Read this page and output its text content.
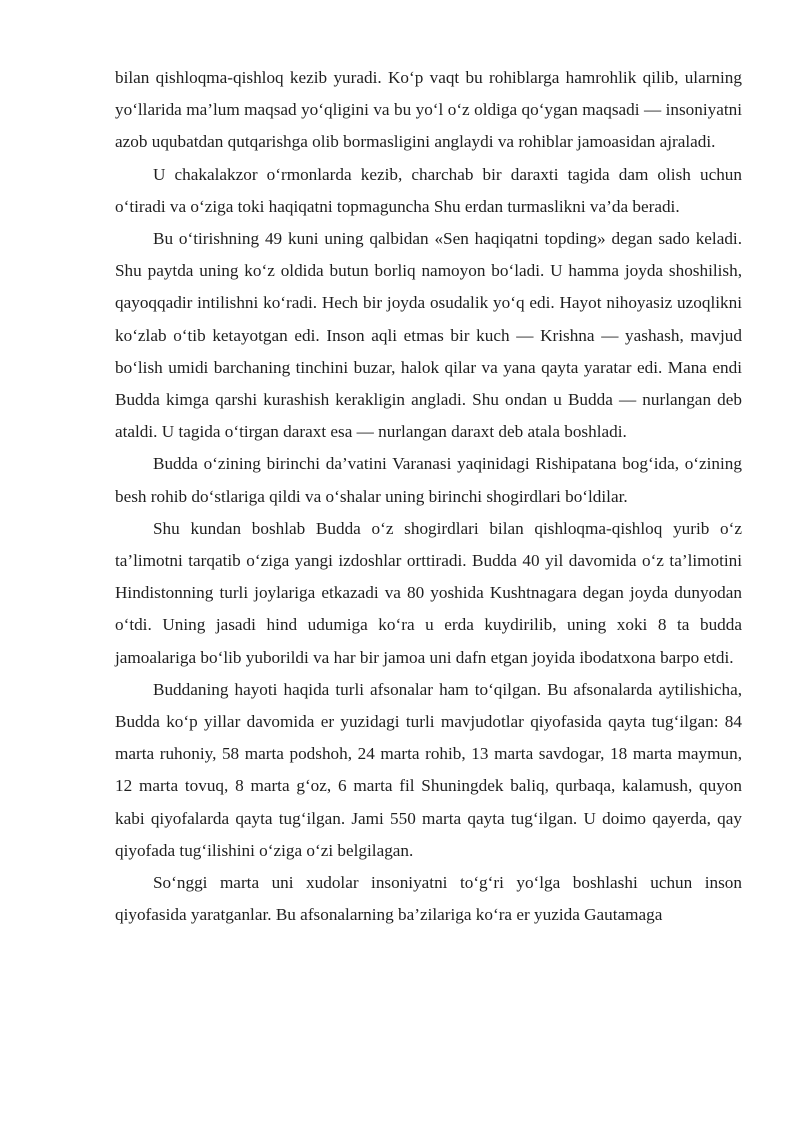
bilan qishloqma-qishloq kezib yuradi. Ko‘p vaqt bu rohiblarga hamrohlik qilib, ularning yo‘llarida ma’lum maqsad yo‘qligini va bu yo‘l o‘z oldiga qo‘ygan maqsadi — insoniyatni azob uqubatdan qutqarishga olib bormasligini anglaydi va rohiblar jamoasidan ajraladi.

U chakalakzor o‘rmonlarda kezib, charchab bir daraxti tagida dam olish uchun o‘tiradi va o‘ziga toki haqiqatni topmaguncha Shu erdan turmaslikni va’da beradi.

Bu o‘tirishning 49 kuni uning qalbidan «Sen haqiqatni topding» degan sado keladi. Shu paytda uning ko‘z oldida butun borliq namoyon bo‘ladi. U hamma joyda shoshilish, qayoqqadir intilishni ko‘radi. Hech bir joyda osudalik yo‘q edi. Hayot nihoyasiz uzoqlikni ko‘zlab o‘tib ketayotgan edi. Inson aqli etmas bir kuch — Krishna — yashash, mavjud bo‘lish umidi barchaning tinchini buzar, halok qilar va yana qayta yaratar edi. Mana endi Budda kimga qarshi kurashish kerakligin angladi. Shu ondan u Budda — nurlangan deb ataldi. U tagida o‘tirgan daraxt esa — nurlangan daraxt deb atala boshladi.

Budda o‘zining birinchi da’vatini Varanasi yaqinidagi Rishipatana bog‘ida, o‘zining besh rohib do‘stlariga qildi va o‘shalar uning birinchi shogirdlari bo‘ldilar.

Shu kundan boshlab Budda o‘z shogirdlari bilan qishloqma-qishloq yurib o‘z ta’limotni tarqatib o‘ziga yangi izdoshlar orttiradi. Budda 40 yil davomida o‘z ta’limotini Hindistonning turli joylariga etkazadi va 80 yoshida Kushtnagara degan joyda dunyodan o‘tdi. Uning jasadi hind udumiga ko‘ra u erda kuydirilib, uning xoki 8 ta budda jamoalariga bo‘lib yuborildi va har bir jamoa uni dafn etgan joyida ibodatxona barpo etdi.

Buddaning hayoti haqida turli afsonalar ham to‘qilgan. Bu afsonalarda aytilishicha, Budda ko‘p yillar davomida er yuzidagi turli mavjudotlar qiyofasida qayta tug‘ilgan: 84 marta ruhoniy, 58 marta podshoh, 24 marta rohib, 13 marta savdogar, 18 marta maymun, 12 marta tovuq, 8 marta g‘oz, 6 marta fil Shuningdek baliq, qurbaqa, kalamush, quyon kabi qiyofalarda qayta tug‘ilgan. Jami 550 marta qayta tug‘ilgan. U doimo qayerda, qay qiyofada tug‘ilishini o‘ziga o‘zi belgilagan.

So‘nggi marta uni xudolar insoniyatni to‘g‘ri yo‘lga boshlashi uchun inson qiyofasida yaratganlar. Bu afsonalarning ba’zilariga ko‘ra er yuzida Gautamaga
